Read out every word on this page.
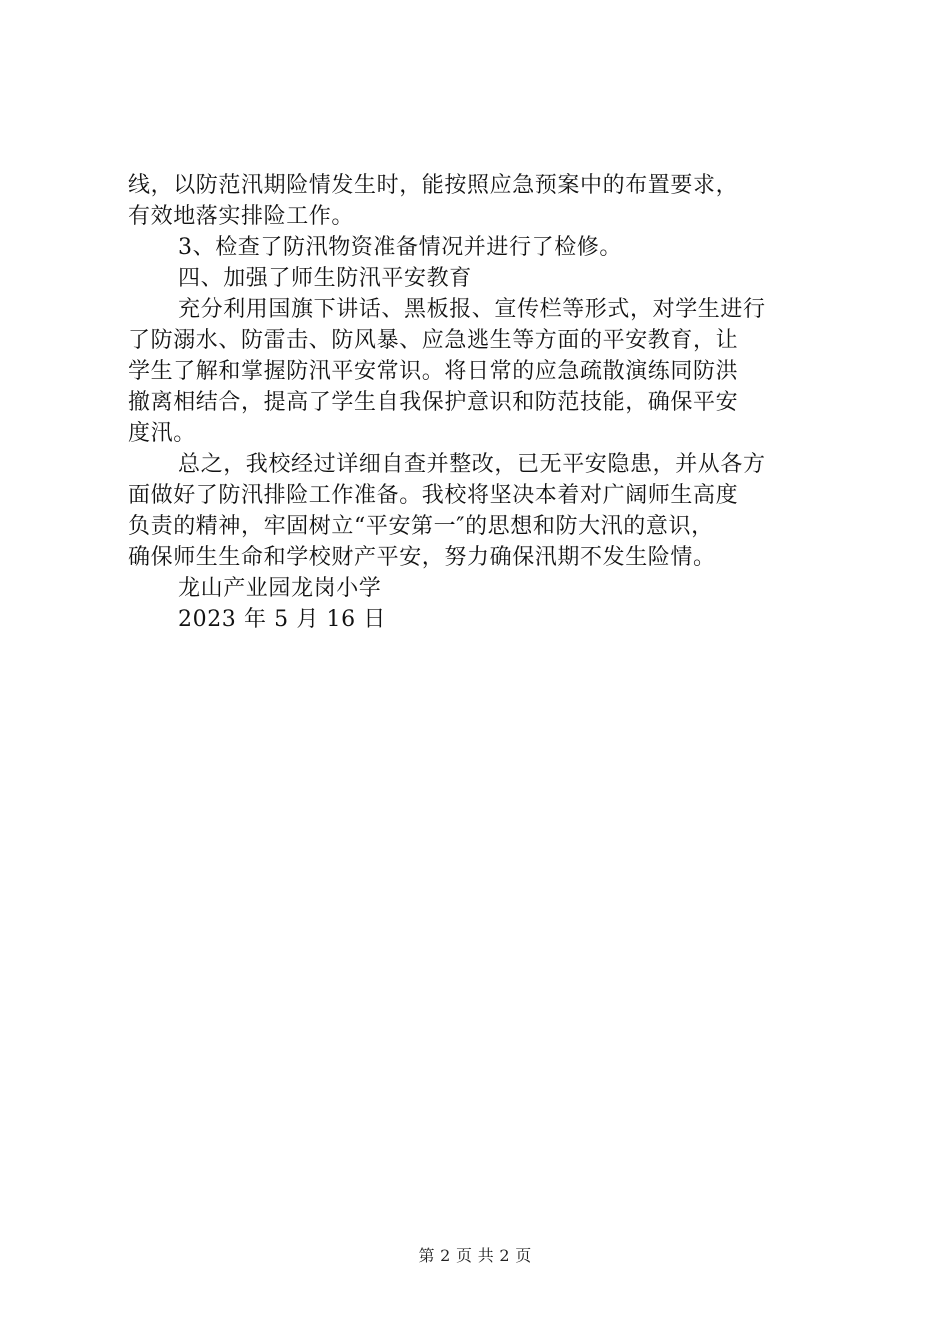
线，以防范汛期险情发生时，能按照应急预案中的布置要求，
有效地落实排险工作。
3、检查了防汛物资准备情况并进行了检修。
四、加强了师生防汛平安教育
充分利用国旗下讲话、黑板报、宣传栏等形式，对学生进行
了防溺水、防雷击、防风暴、应急逃生等方面的平安教育，让
学生了解和掌握防汛平安常识。将日常的应急疏散演练同防洪
撤离相结合，提高了学生自我保护意识和防范技能，确保平安
度汛。
总之，我校经过详细自查并整改，已无平安隐患，并从各方
面做好了防汛排险工作准备。我校将坚决本着对广阔师生高度
负责的精神，牢固树立“平安第一″的思想和防大汛的意识，
确保师生生命和学校财产平安，努力确保汛期不发生险情。
龙山产业园龙岗小学
2023 年 5 月 16 日
第 2 页 共 2 页
